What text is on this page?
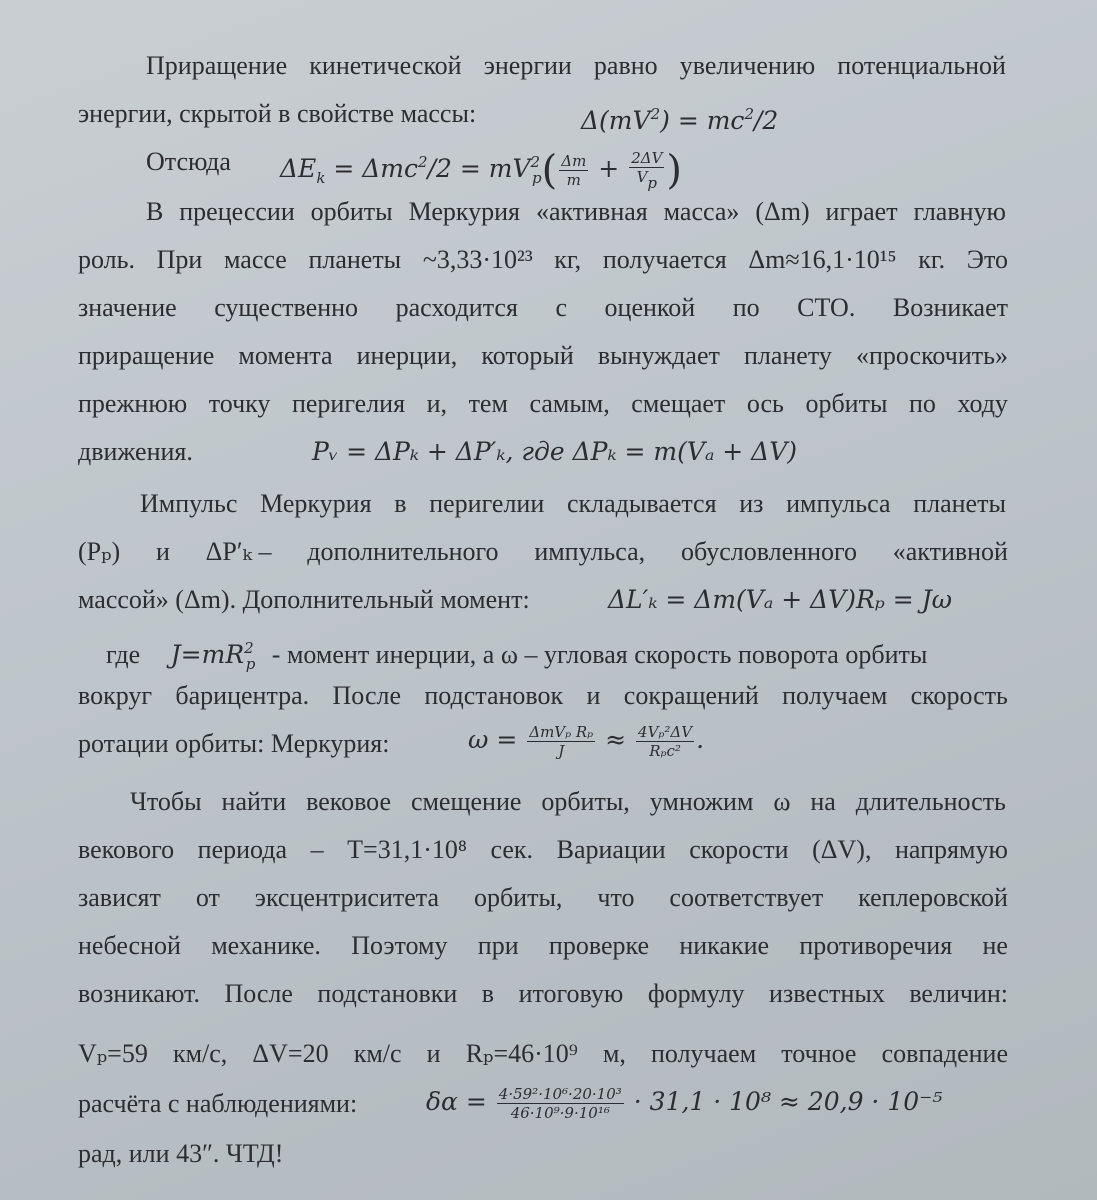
Приращение кинетической энергии равно увеличению потенциальной
энергии, скрытой в свойстве массы:	$\Delta(mV^2) = mc^2/2$
Отсюда $\Delta E_k = \Delta mc^2/2 = mV^2_p( \frac{\Delta m}{m} + \frac{2\Delta V}{Vp}$ )
В прецессии орбиты Меркурия «активная масса» (Δm) играет главную
роль. При массе планеты ~3,33·10²³ кг, получается Δm≈16,1·10¹⁵ кг. Это
значение существенно расходится с оценкой по СТО. Возникает
приращение момента инерции, который вынуждает планету «проскочить»
прежнюю точку перигелия и, тем самым, смещает ось орбиты по ходу
движения.	Pᵥ = ΔPₖ + ΔP′ₖ, где ΔPₖ = m(Vₐ + ΔV)
Импульс Меркурия в перигелии складывается из импульса планеты
(Pₚ) и ΔP′ₖ – дополнительного импульса, обусловленного «активной
массой» (Δm). Дополнительный момент:	ΔL′ₖ = Δm(Vₐ + ΔV)Rₚ = Jω
где $J=mR^2_p$ - момент инерции, а ω – угловая скорость поворота орбиты
вокруг барицентра. После подстановок и сокращений получаем скорость
ротации орбиты: Меркурия:	$\omega = \frac{\text{ΔmVₚ Rₚ}}{J} \approx \frac{\text{4Vₚ²ΔV}}{\text{Rₚc²}}$ .
Чтобы найти вековое смещение орбиты, умножим ω на длительность
векового периода – T=31,1·10⁸ сек. Вариации скорости (ΔV), напрямую
зависят от эксцентриситета орбиты, что соответствует кеплеровской
небесной механике. Поэтому при проверке никакие противоречия не
возникают. После подстановки в итоговую формулу известных величин:
Vₚ=59 км/с, ΔV=20 км/с и Rₚ=46·10⁹ м, получаем точное совпадение
расчёта с наблюдениями:	$\delta\alpha = \frac{\text{4·59²·10⁶·20·10³}}{\text{46·10⁹·9·10¹⁶}} \cdot 31,1 \cdot 10^8 \approx 20,9 \cdot 10^{-5}$
рад, или 43″. ЧТД!
